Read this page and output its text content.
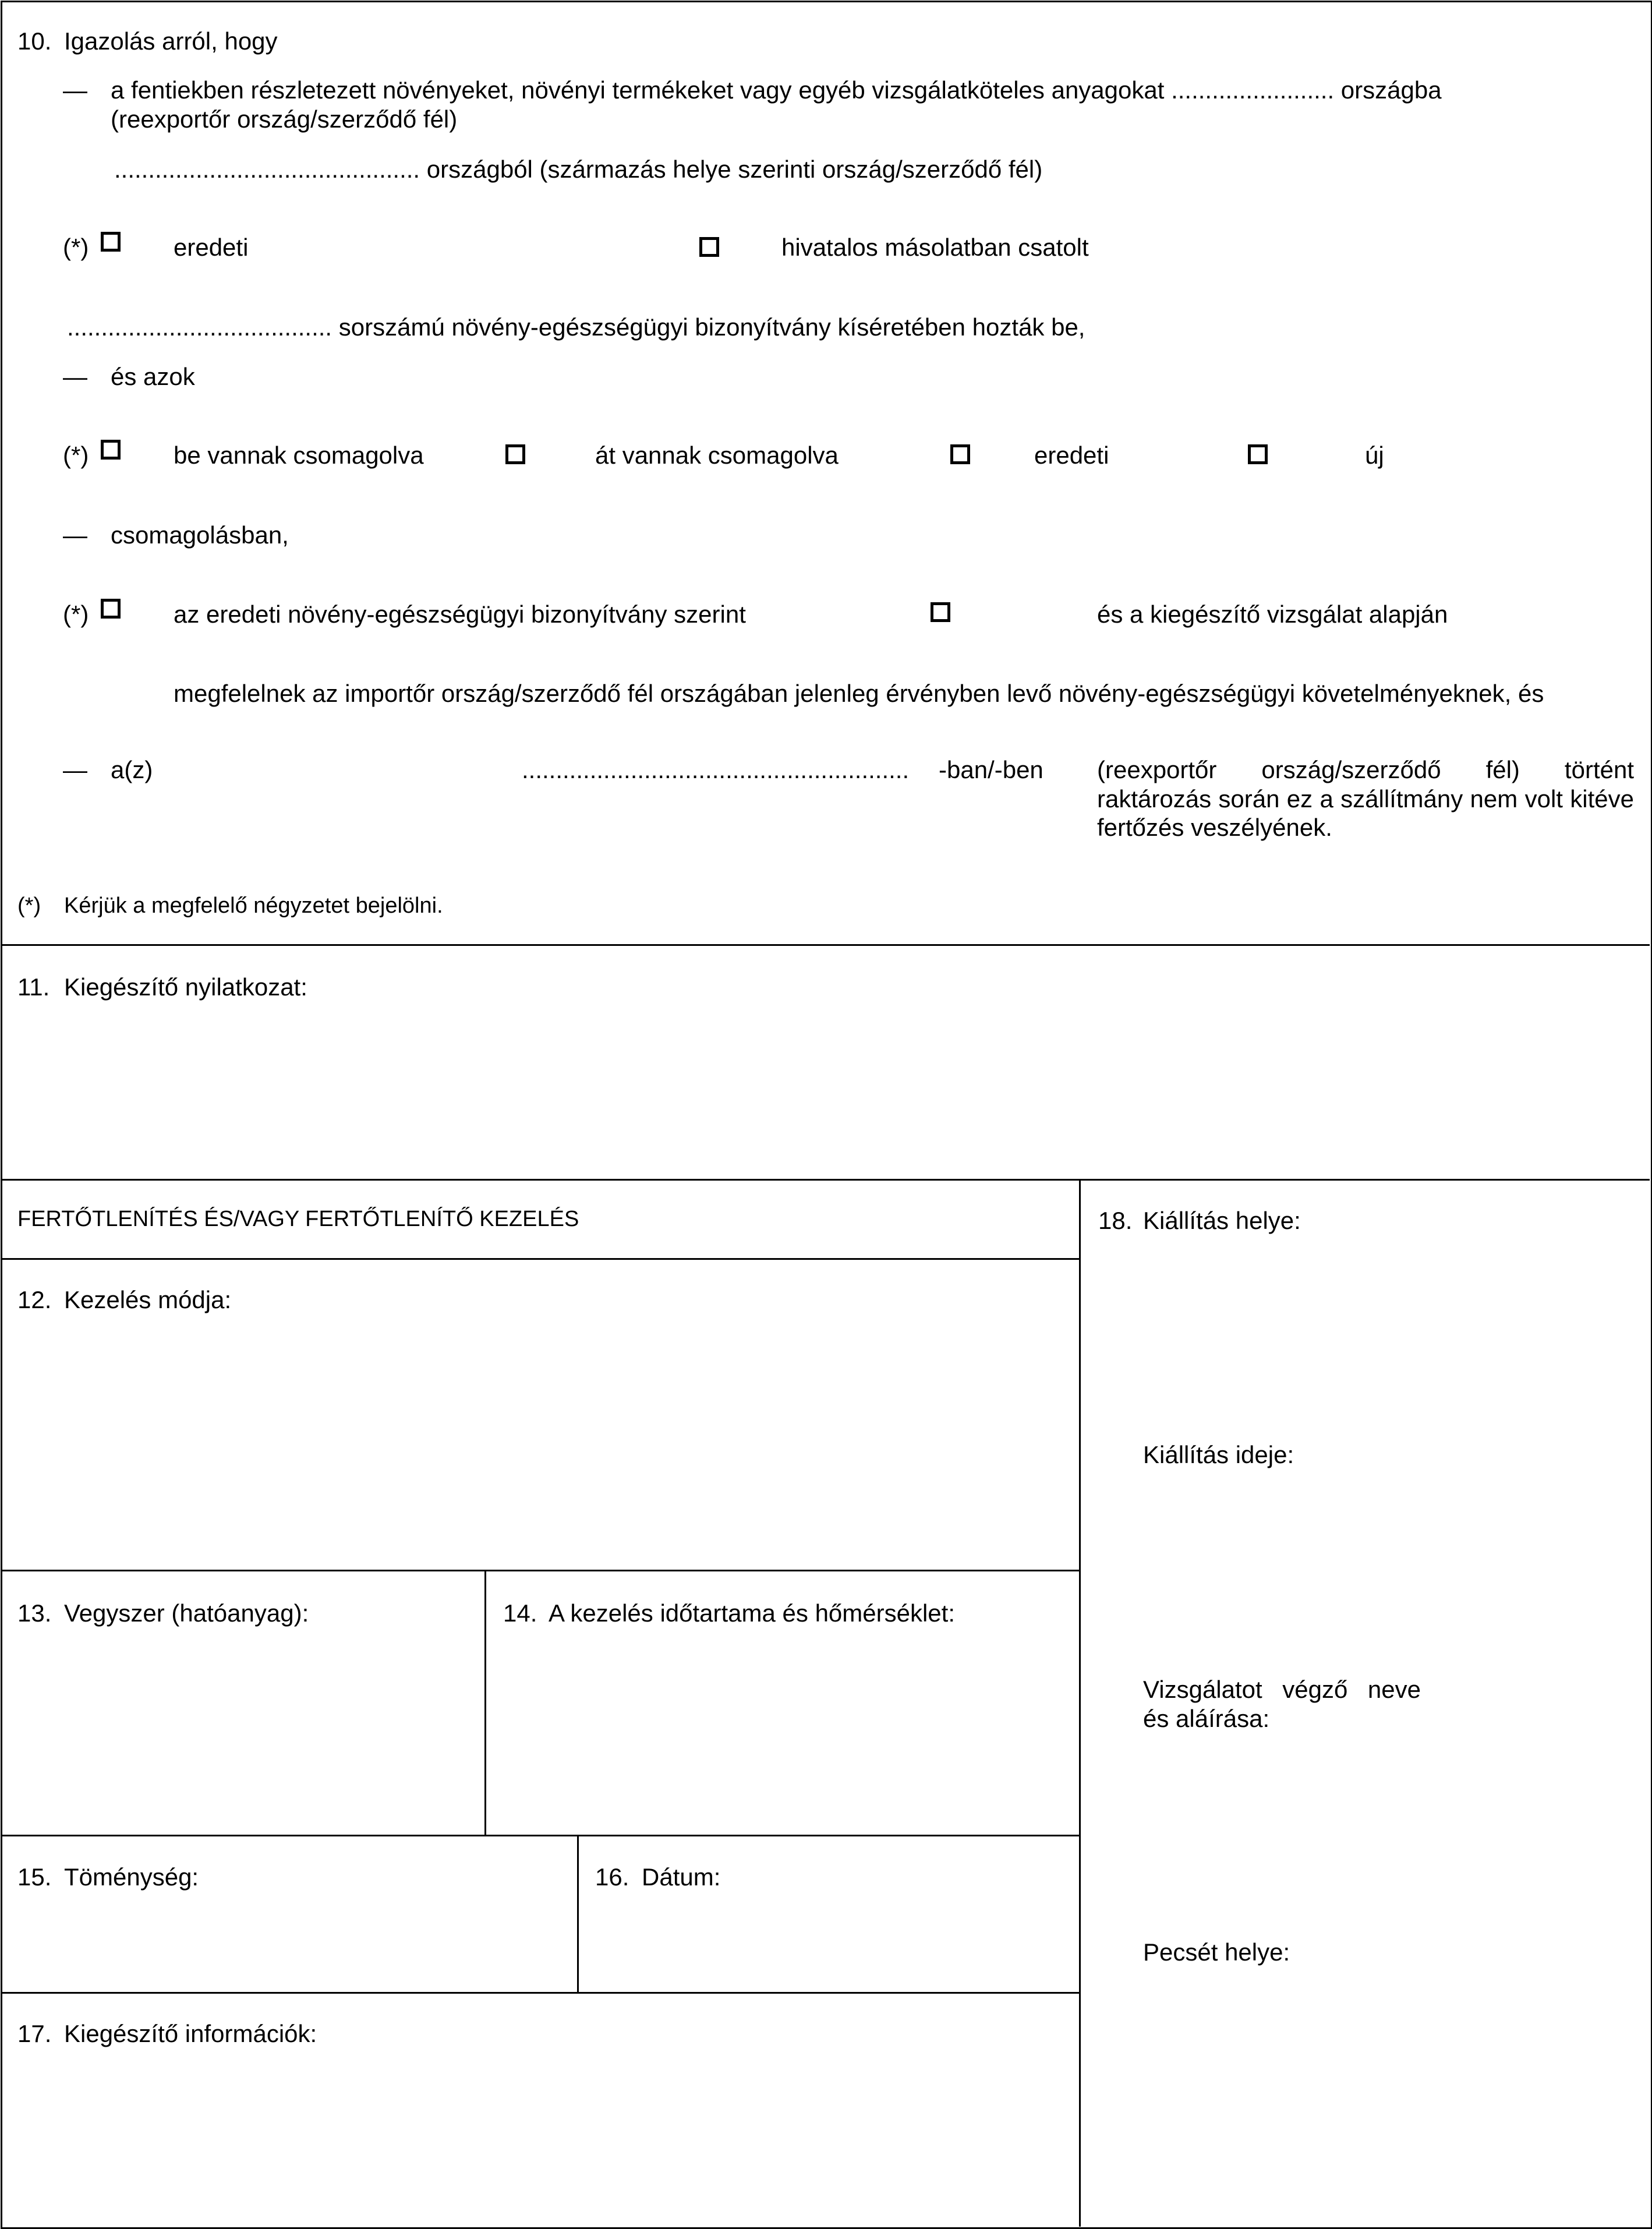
10. Igazolás arról, hogy
— a fentiekben részletezett növényeket, növényi termékeket vagy egyéb vizsgálatköteles anyagokat ........................ országba
(reexportőr ország/szerződő fél)
............................................. országból (származás helye szerinti ország/szerződő fél)
(*)	eredeti	hivatalos másolatban csatolt
....................................... sorszámú növény-egészségügyi bizonyítvány kíséretében hozták be,
— és azok
(*)	be vannak csomagolva	át vannak csomagolva	eredeti	új
— csomagolásban,
(*)	az eredeti növény-egészségügyi bizonyítvány szerint	és a kiegészítő vizsgálat alapján
megfelelnek az importőr ország/szerződő fél országában jelenleg érvényben levő növény-egészségügyi követelményeknek, és
— a(z)	......................................................... -ban/-ben (reexportőr ország/szerződő fél) történt raktározás során ez a szállítmány nem volt kitéve fertőzés veszélyének.
(*) Kérjük a megfelelő négyzetet bejelölni.
11. Kiegészítő nyilatkozat:
FERTŐTLENÍTÉS ÉS/VAGY FERTŐTLENÍTŐ KEZELÉS
12. Kezelés módja:
13. Vegyszer (hatóanyag):	14. A kezelés időtartama és hőmérséklet:
15. Töménység:	16. Dátum:
17. Kiegészítő információk:
18. Kiállítás helye:
Kiállítás ideje:
Vizsgálatot végző neve
és aláírása:
Pecsét helye:
